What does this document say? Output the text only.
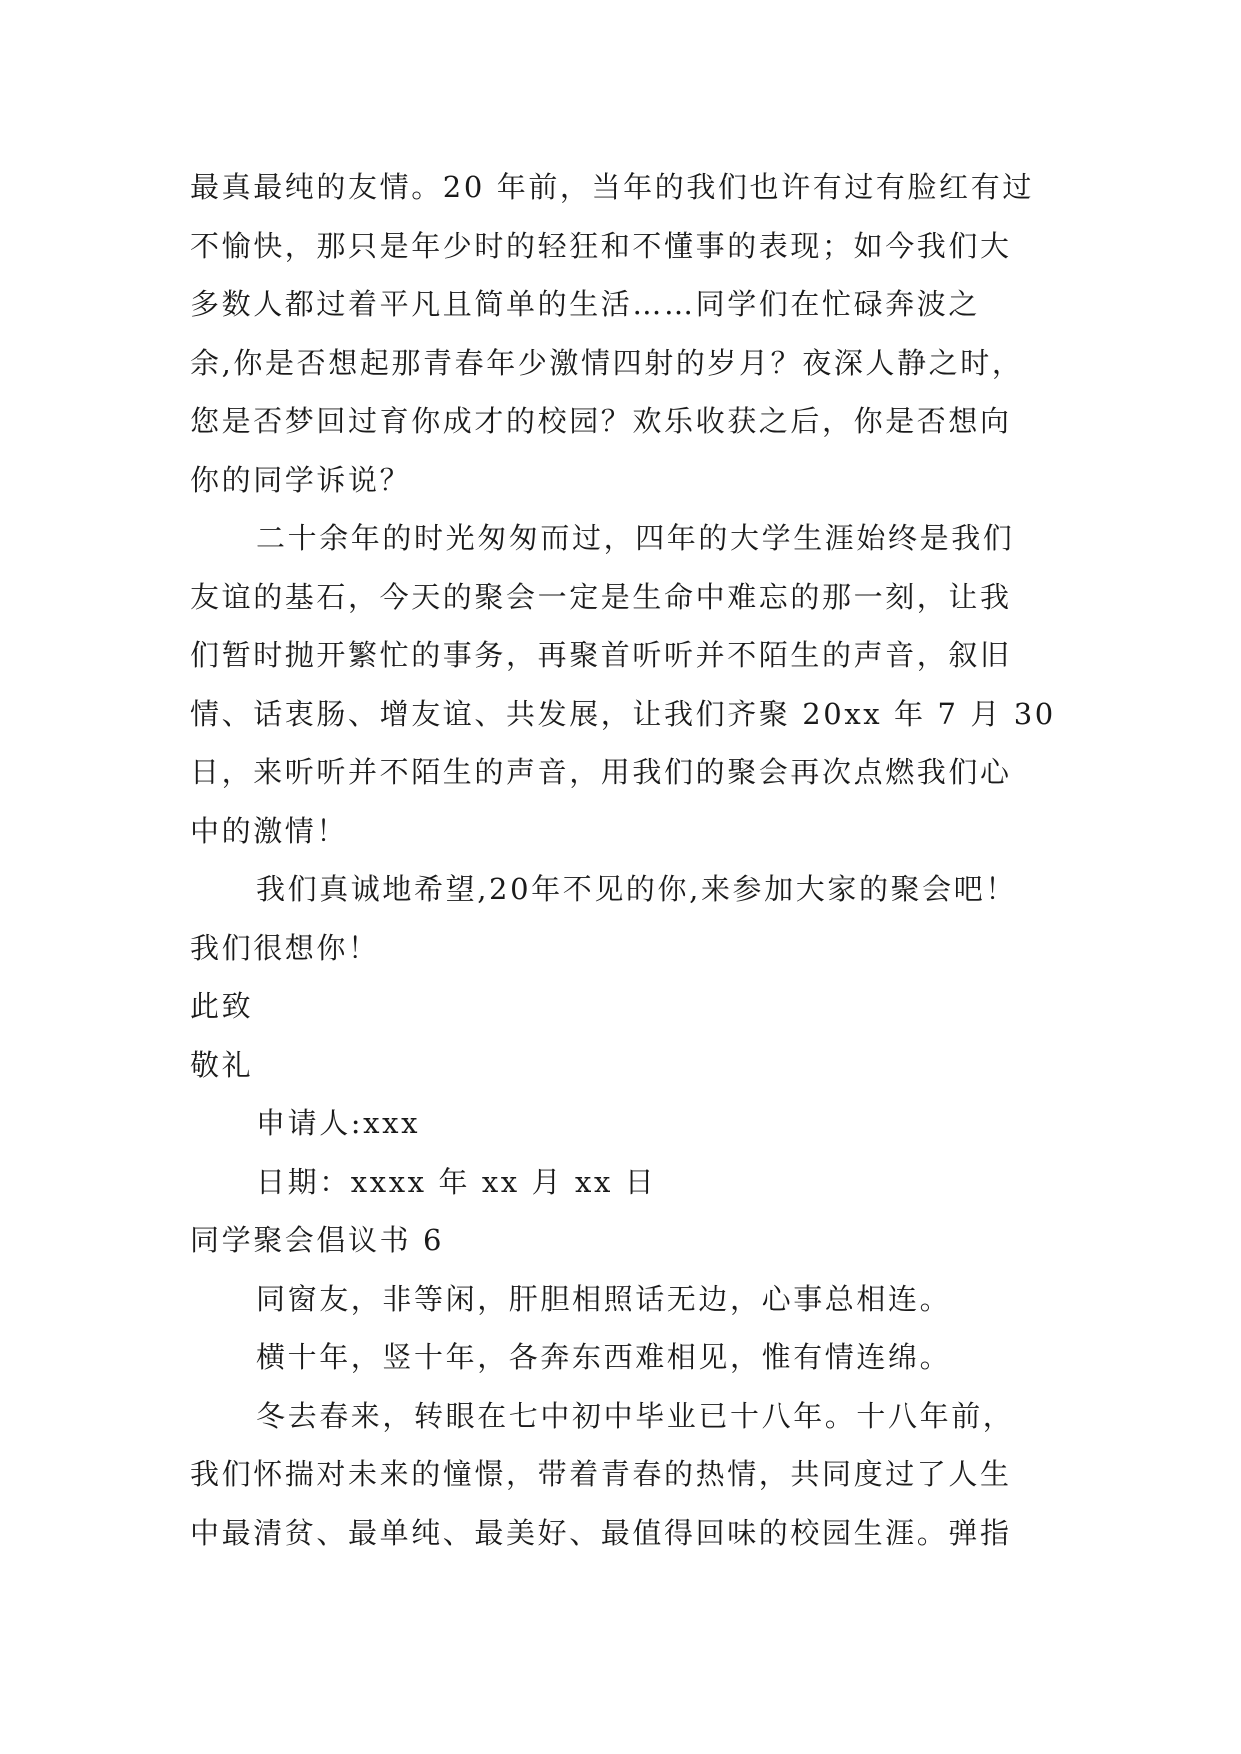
最真最纯的友情。20 年前，当年的我们也许有过有脸红有过
不愉快，那只是年少时的轻狂和不懂事的表现；如今我们大
多数人都过着平凡且简单的生活……同学们在忙碌奔波之
余,你是否想起那青春年少激情四射的岁月？夜深人静之时，
您是否梦回过育你成才的校园？欢乐收获之后，你是否想向
你的同学诉说？
二十余年的时光匆匆而过，四年的大学生涯始终是我们
友谊的基石，今天的聚会一定是生命中难忘的那一刻，让我
们暂时抛开繁忙的事务，再聚首听听并不陌生的声音，叙旧
情、话衷肠、增友谊、共发展，让我们齐聚 20xx 年 7 月 30
日，来听听并不陌生的声音，用我们的聚会再次点燃我们心
中的激情！
我们真诚地希望,20年不见的你,来参加大家的聚会吧！
我们很想你！
此致
敬礼
申请人:xxx
日期：xxxx 年 xx 月 xx 日
同学聚会倡议书 6
同窗友，非等闲，肝胆相照话无边，心事总相连。
横十年，竖十年，各奔东西难相见，惟有情连绵。
冬去春来，转眼在七中初中毕业已十八年。十八年前，
我们怀揣对未来的憧憬，带着青春的热情，共同度过了人生
中最清贫、最单纯、最美好、最值得回味的校园生涯。弹指
